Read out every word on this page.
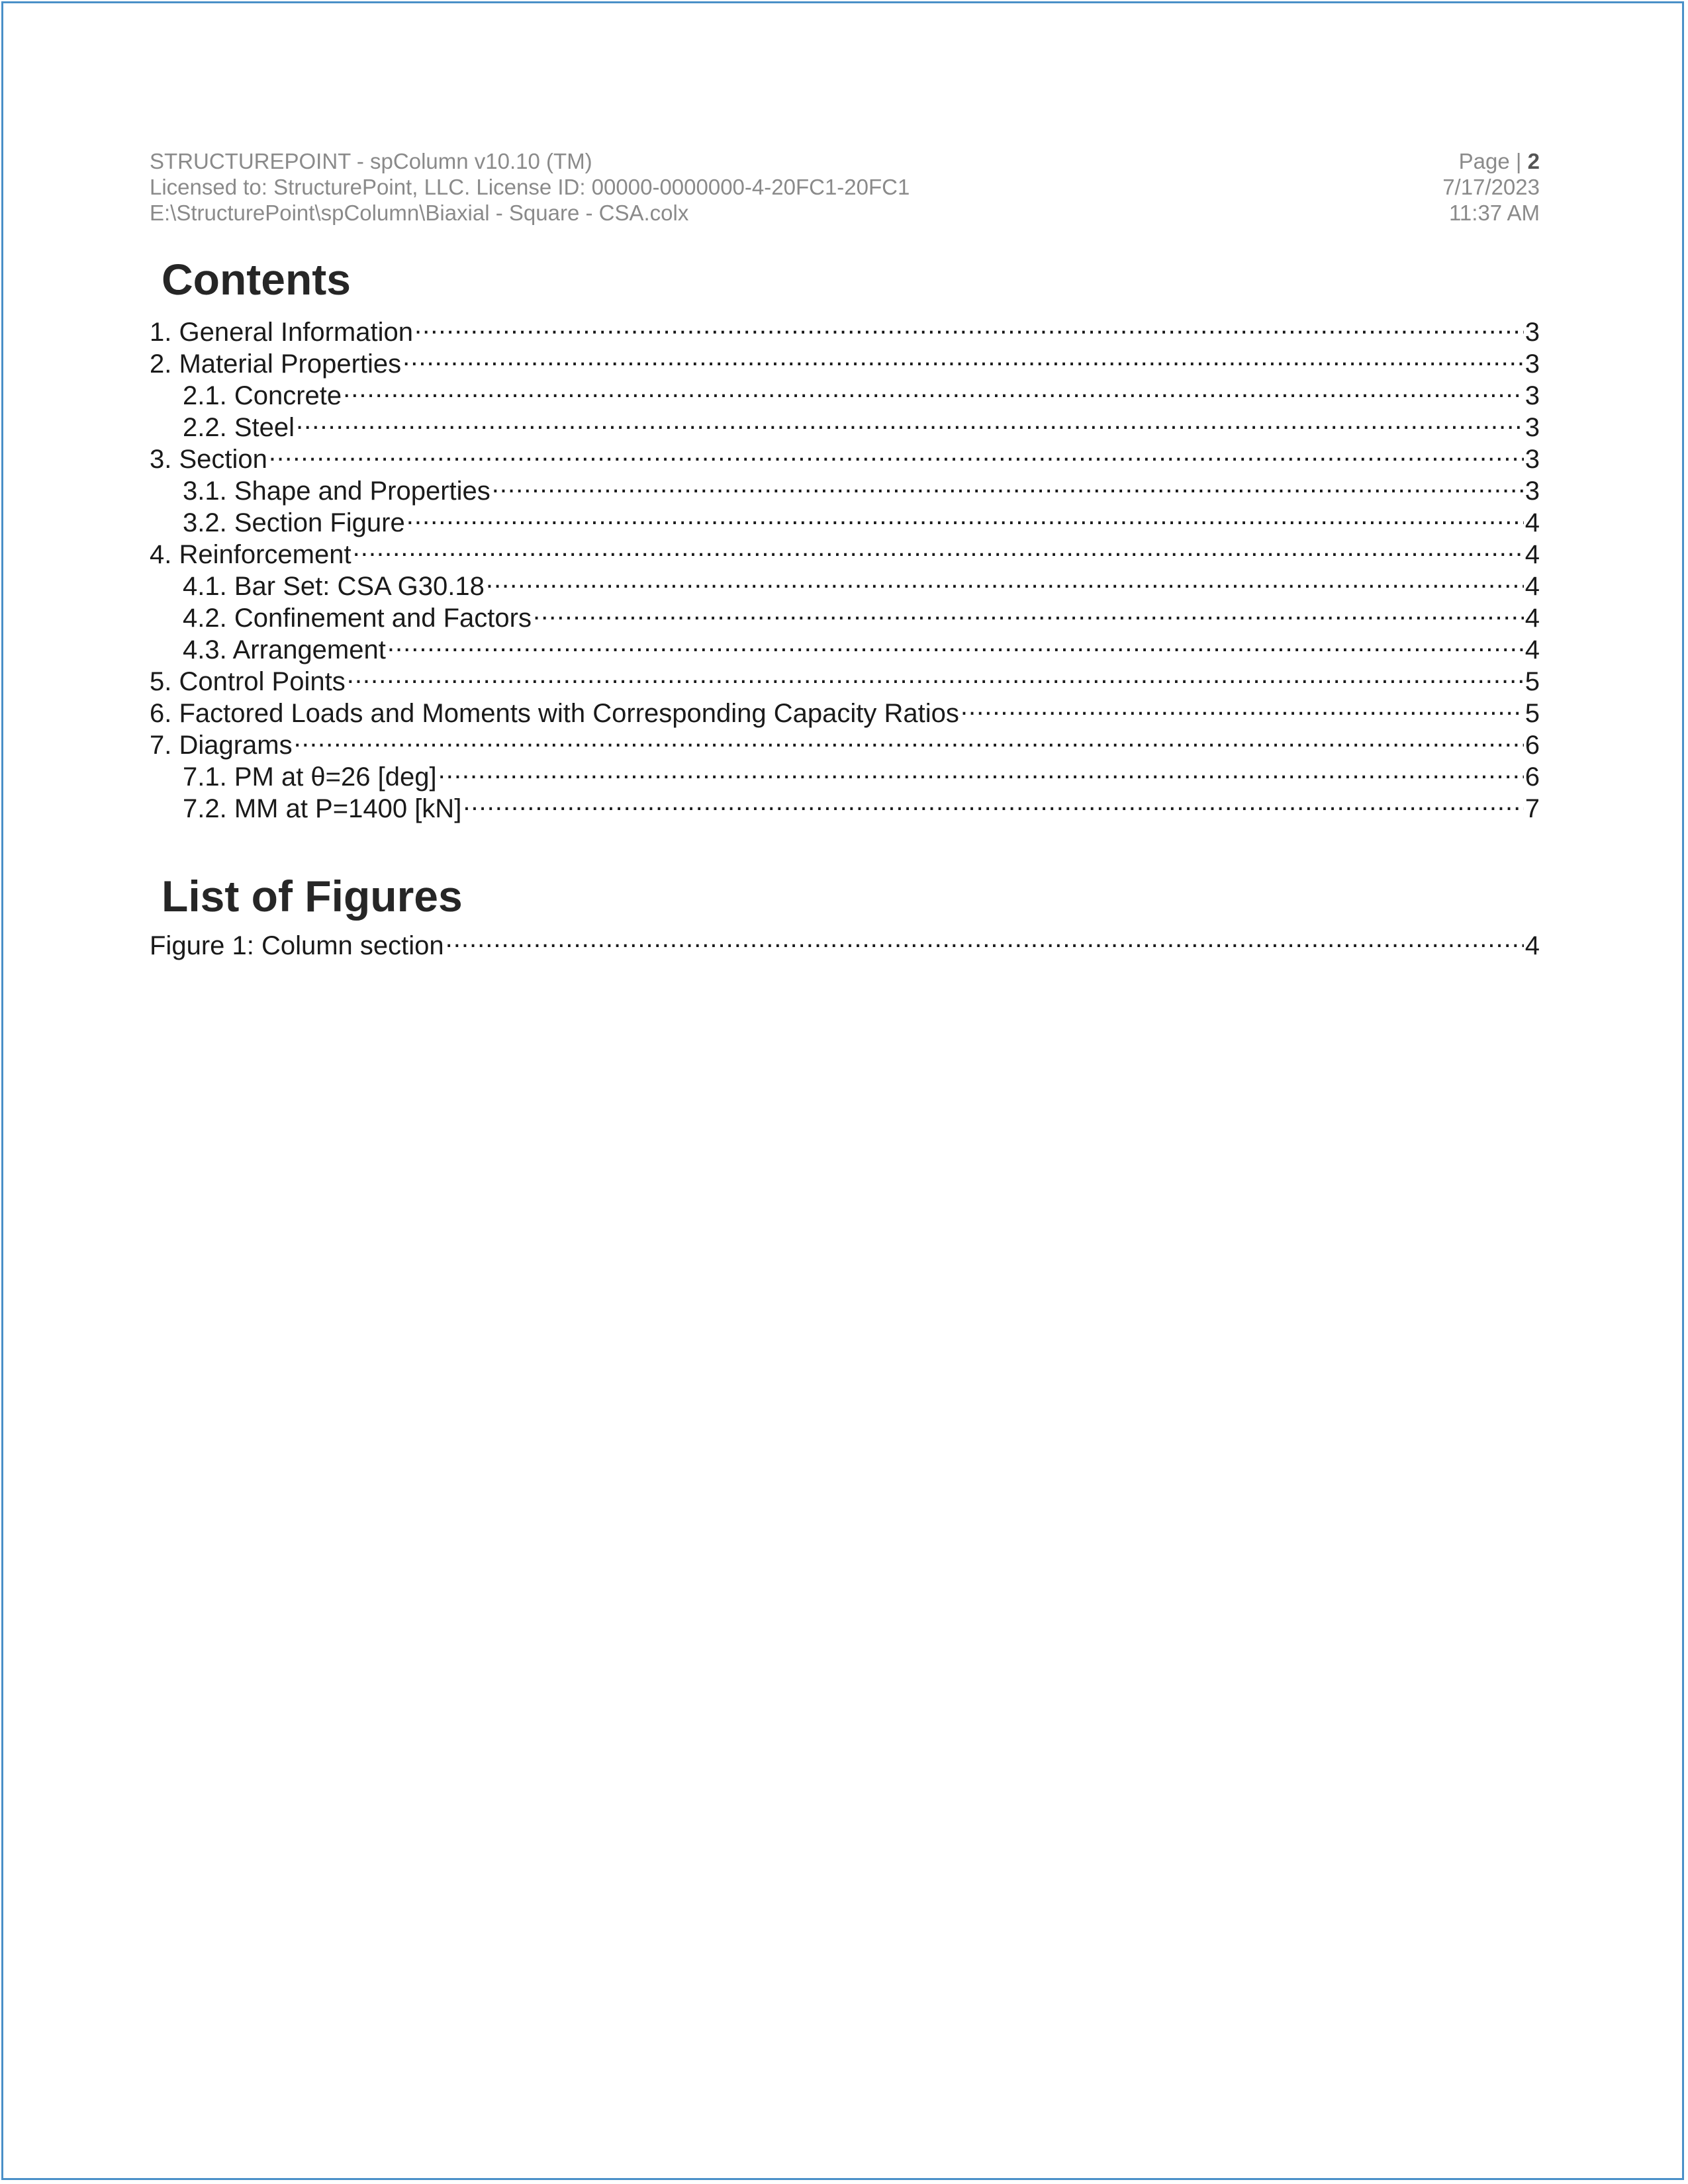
STRUCTUREPOINT - spColumn v10.10 (TM)
Licensed to: StructurePoint, LLC. License ID: 00000-0000000-4-20FC1-20FC1
E:\StructurePoint\spColumn\Biaxial - Square - CSA.colx
Page | 2
7/17/2023
11:37 AM
Contents
1. General Information .....	3
2. Material Properties .....	3
2.1. Concrete .....	3
2.2. Steel .....	3
3. Section .....	3
3.1. Shape and Properties .....	3
3.2. Section Figure .....	4
4. Reinforcement .....	4
4.1. Bar Set: CSA G30.18 .....	4
4.2. Confinement and Factors .....	4
4.3. Arrangement .....	4
5. Control Points .....	5
6. Factored Loads and Moments with Corresponding Capacity Ratios .....	5
7. Diagrams .....	6
7.1. PM at θ=26 [deg] .....	6
7.2. MM at P=1400 [kN] .....	7
List of Figures
Figure 1: Column section .....	4
